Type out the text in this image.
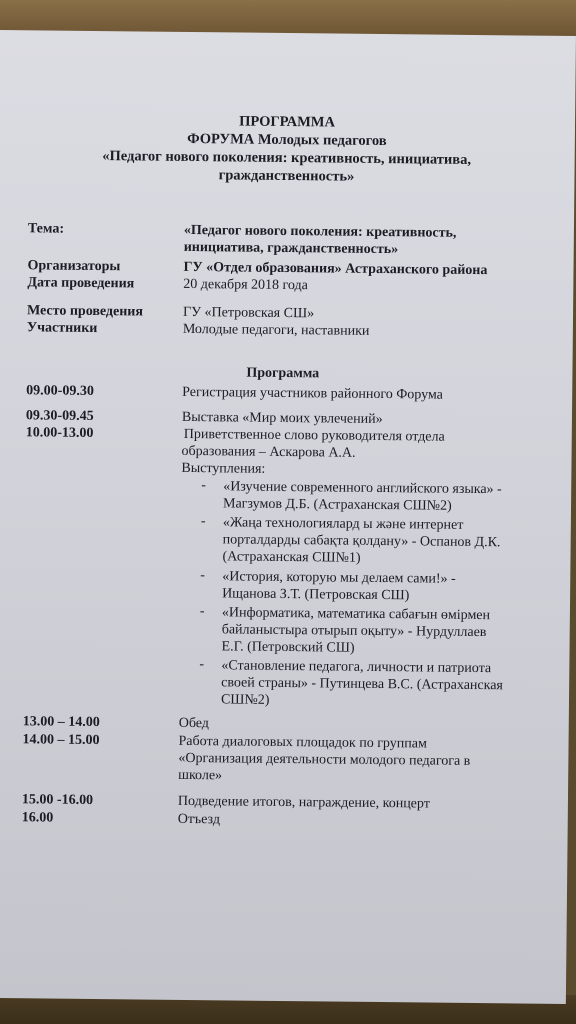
ПРОГРАММА
ФОРУМА Молодых педагогов
«Педагог нового поколения: креативность, инициатива,
гражданственность»
Тема:	«Педагог нового поколения: креативность,
инициатива, гражданственность»
Организаторы	ГУ «Отдел образования» Астраханского района
Дата проведения	20 декабря 2018 года
Место проведения	ГУ «Петровская СШ»
Участники	Молодые педагоги, наставники
Программа
09.00-09.30	Регистрация участников районного Форума
09.30-09.45	Выставка «Мир моих увлечений»
10.00-13.00	Приветственное слово руководителя отдела
образования – Аскарова А.А.
Выступления:
- «Изучение современного английского языка» -
Магзумов Д.Б. (Астраханская СШ№2)
- «Жаңа технологиялард ы және интернет
порталдарды сабақта қолдану» - Оспанов Д.К.
(Астраханская СШ№1)
- «История, которую мы делаем сами!» -
Ищанова З.Т. (Петровская СШ)
- «Информатика, математика сабағын өмірмен
байланыстыра отырып оқыту» - Нурдуллаев
Е.Г. (Петровский СШ)
- «Становление педагога, личности и патриота
своей страны» - Путинцева В.С. (Астраханская
СШ№2)
13.00 – 14.00	Обед
14.00 – 15.00	Работа диалоговых площадок по группам
«Организация деятельности молодого педагога в
школе»
15.00 -16.00	Подведение итогов, награждение, концерт
16.00	Отъезд
